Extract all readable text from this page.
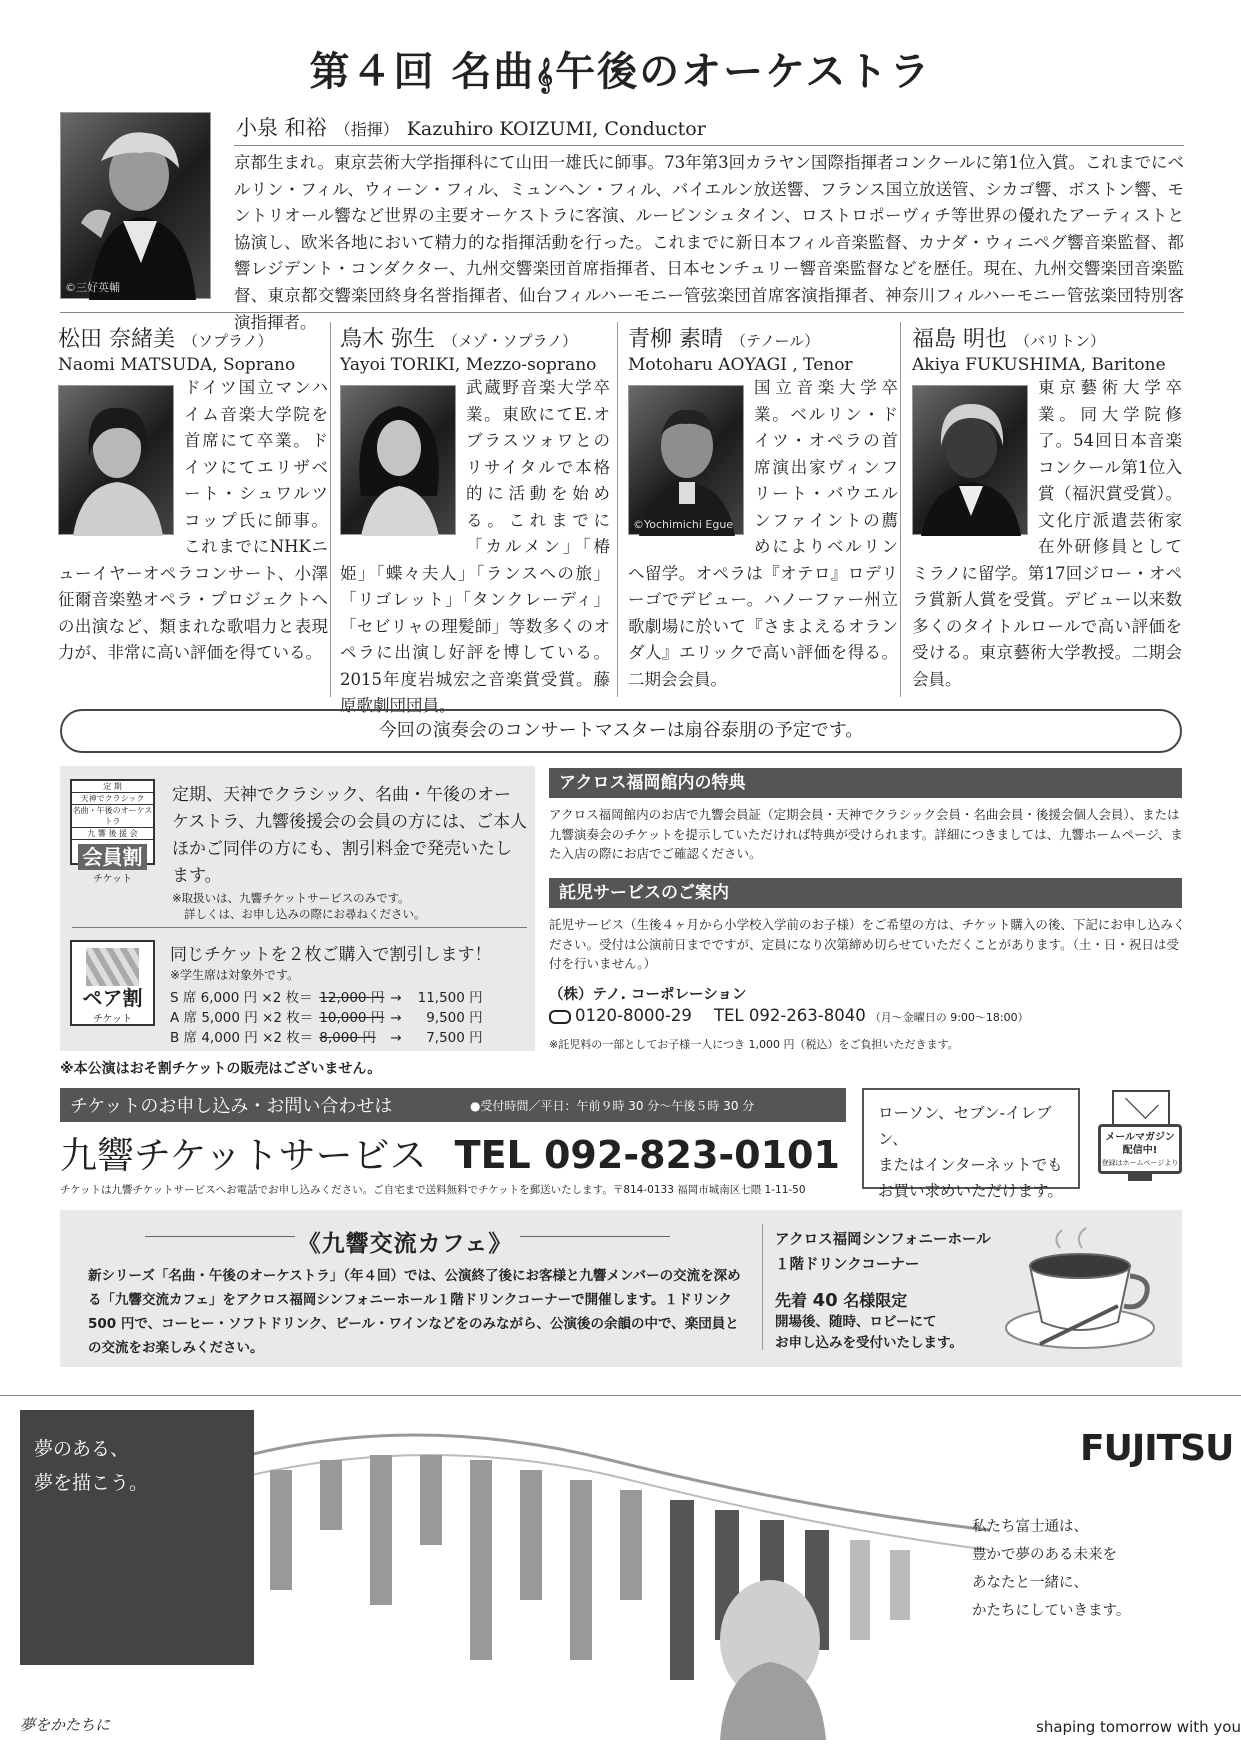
第４回 名曲𝄞午後のオーケストラ
©三好英輔
小泉 和裕 （指揮） Kazuhiro KOIZUMI, Conductor
京都生まれ。東京芸術大学指揮科にて山田一雄氏に師事。73年第3回カラヤン国際指揮者コンクールに第1位入賞。これまでにベルリン・フィル、ウィーン・フィル、ミュンヘン・フィル、バイエルン放送響、フランス国立放送管、シカゴ響、ボストン響、モントリオール響など世界の主要オーケストラに客演、ルービンシュタイン、ロストロポーヴィチ等世界の優れたアーティストと協演し、欧米各地において精力的な指揮活動を行った。これまでに新日本フィル音楽監督、カナダ・ウィニペグ響音楽監督、都響レジデント・コンダクター、九州交響楽団首席指揮者、日本センチュリー響音楽監督などを歴任。現在、九州交響楽団音楽監督、東京都交響楽団終身名誉指揮者、仙台フィルハーモニー管弦楽団首席客演指揮者、神奈川フィルハーモニー管弦楽団特別客演指揮者。
松田 奈緒美 （ソプラノ）
Naomi MATSUDA, Soprano
ドイツ国立マンハイム音楽大学院を首席にて卒業。ドイツにてエリザベート・シュワルツコップ氏に師事。これまでにNHKニューイヤーオペラコンサート、小澤征爾音楽塾オペラ・プロジェクトへの出演など、類まれな歌唱力と表現力が、非常に高い評価を得ている。
鳥木 弥生 （メゾ・ソプラノ）
Yayoi TORIKI, Mezzo-soprano
武蔵野音楽大学卒業。東欧にてE.オブラスツォワとのリサイタルで本格的に活動を始める。これまでに「カルメン」「椿姫」「蝶々夫人」「ランスへの旅」「リゴレット」「タンクレーディ」「セビリャの理髪師」等数多くのオペラに出演し好評を博している。2015年度岩城宏之音楽賞受賞。藤原歌劇団団員。
青柳 素晴 （テノール）
Motoharu AOYAGI , Tenor
©Yochimichi Egue
国立音楽大学卒業。ベルリン・ドイツ・オペラの首席演出家ヴィンフリート・バウエルンファイントの薦めによりベルリンへ留学。オペラは『オテロ』ロデリーゴでデビュー。ハノーファー州立歌劇場に於いて『さまよえるオランダ人』エリックで高い評価を得る。二期会会員。
福島 明也 （バリトン）
Akiya FUKUSHIMA, Baritone
東京藝術大学卒業。同大学院修了。54回日本音楽コンクール第1位入賞（福沢賞受賞）。文化庁派遣芸術家在外研修員としてミラノに留学。第17回ジロー・オペラ賞新人賞を受賞。デビュー以来数多くのタイトルロールで高い評価を受ける。東京藝術大学教授。二期会会員。
今回の演奏会のコンサートマスターは扇谷泰朋の予定です。
定 期
天神でクラシック
名曲・午後のオーケストラ
九 響 後 援 会
会員割
チケット
定期、天神でクラシック、名曲・午後のオーケストラ、九響後援会の会員の方には、ご本人ほかご同伴の方にも、割引料金で発売いたします。
※取扱いは、九響チケットサービスのみです。
詳しくは、お申し込みの際にお尋ねください。
ペア割
チケット
同じチケットを２枚ご購入で割引します！
※学生席は対象外です。
S 席 6,000 円 ×2 枚＝	12,000 円	→	11,500 円
A 席 5,000 円 ×2 枚＝	10,000 円	→	9,500 円
B 席 4,000 円 ×2 枚＝	8,000 円	→	7,500 円
※本公演はおそ割チケットの販売はございません。
アクロス福岡館内の特典
アクロス福岡館内のお店で九響会員証（定期会員・天神でクラシック会員・名曲会員・後援会個人会員）、または九響演奏会のチケットを提示していただければ特典が受けられます。詳細につきましては、九響ホームページ、また入店の際にお店でご確認ください。
託児サービスのご案内
託児サービス（生後４ヶ月から小学校入学前のお子様）をご希望の方は、チケット購入の後、下記にお申し込みください。受付は公演前日までですが、定員になり次第締め切らせていただくことがあります。（土・日・祝日は受付を行いません。）
（株）テノ. コーポレーション
0120-8000-29 TEL 092-263-8040 （月〜金曜日の 9:00〜18:00）
※託児料の一部としてお子様一人につき 1,000 円（税込）をご負担いただきます。
チケットのお申し込み・お問い合わせは	●受付時間／平日：午前９時 30 分〜午後５時 30 分
九響チケットサービス TEL 092-823-0101
チケットは九響チケットサービスへお電話でお申し込みください。ご自宅まで送料無料でチケットを郵送いたします。〒814-0133 福岡市城南区七隈 1-11-50
ローソン、セブン-イレブン、
またはインターネットでも
お買い求めいただけます。
メールマガジン
配信中!
登録はホームページより
《九響交流カフェ》
新シリーズ「名曲・午後のオーケストラ」（年４回）では、公演終了後にお客様と九響メンバーの交流を深める「九響交流カフェ」をアクロス福岡シンフォニーホール１階ドリンクコーナーで開催します。１ドリンク 500 円で、コーヒー・ソフトドリンク、ビール・ワインなどをのみながら、公演後の余韻の中で、楽団員との交流をお楽しみください。
アクロス福岡シンフォニーホール
１階ドリンクコーナー
先着 40 名様限定
開場後、随時、ロビーにて
お申し込みを受付いたします。
夢のある、
夢を描こう。
FUJITSU
私たち富士通は、
豊かで夢のある未来を
あなたと一緒に、
かたちにしていきます。
夢をかたちに	shaping tomorrow with you
